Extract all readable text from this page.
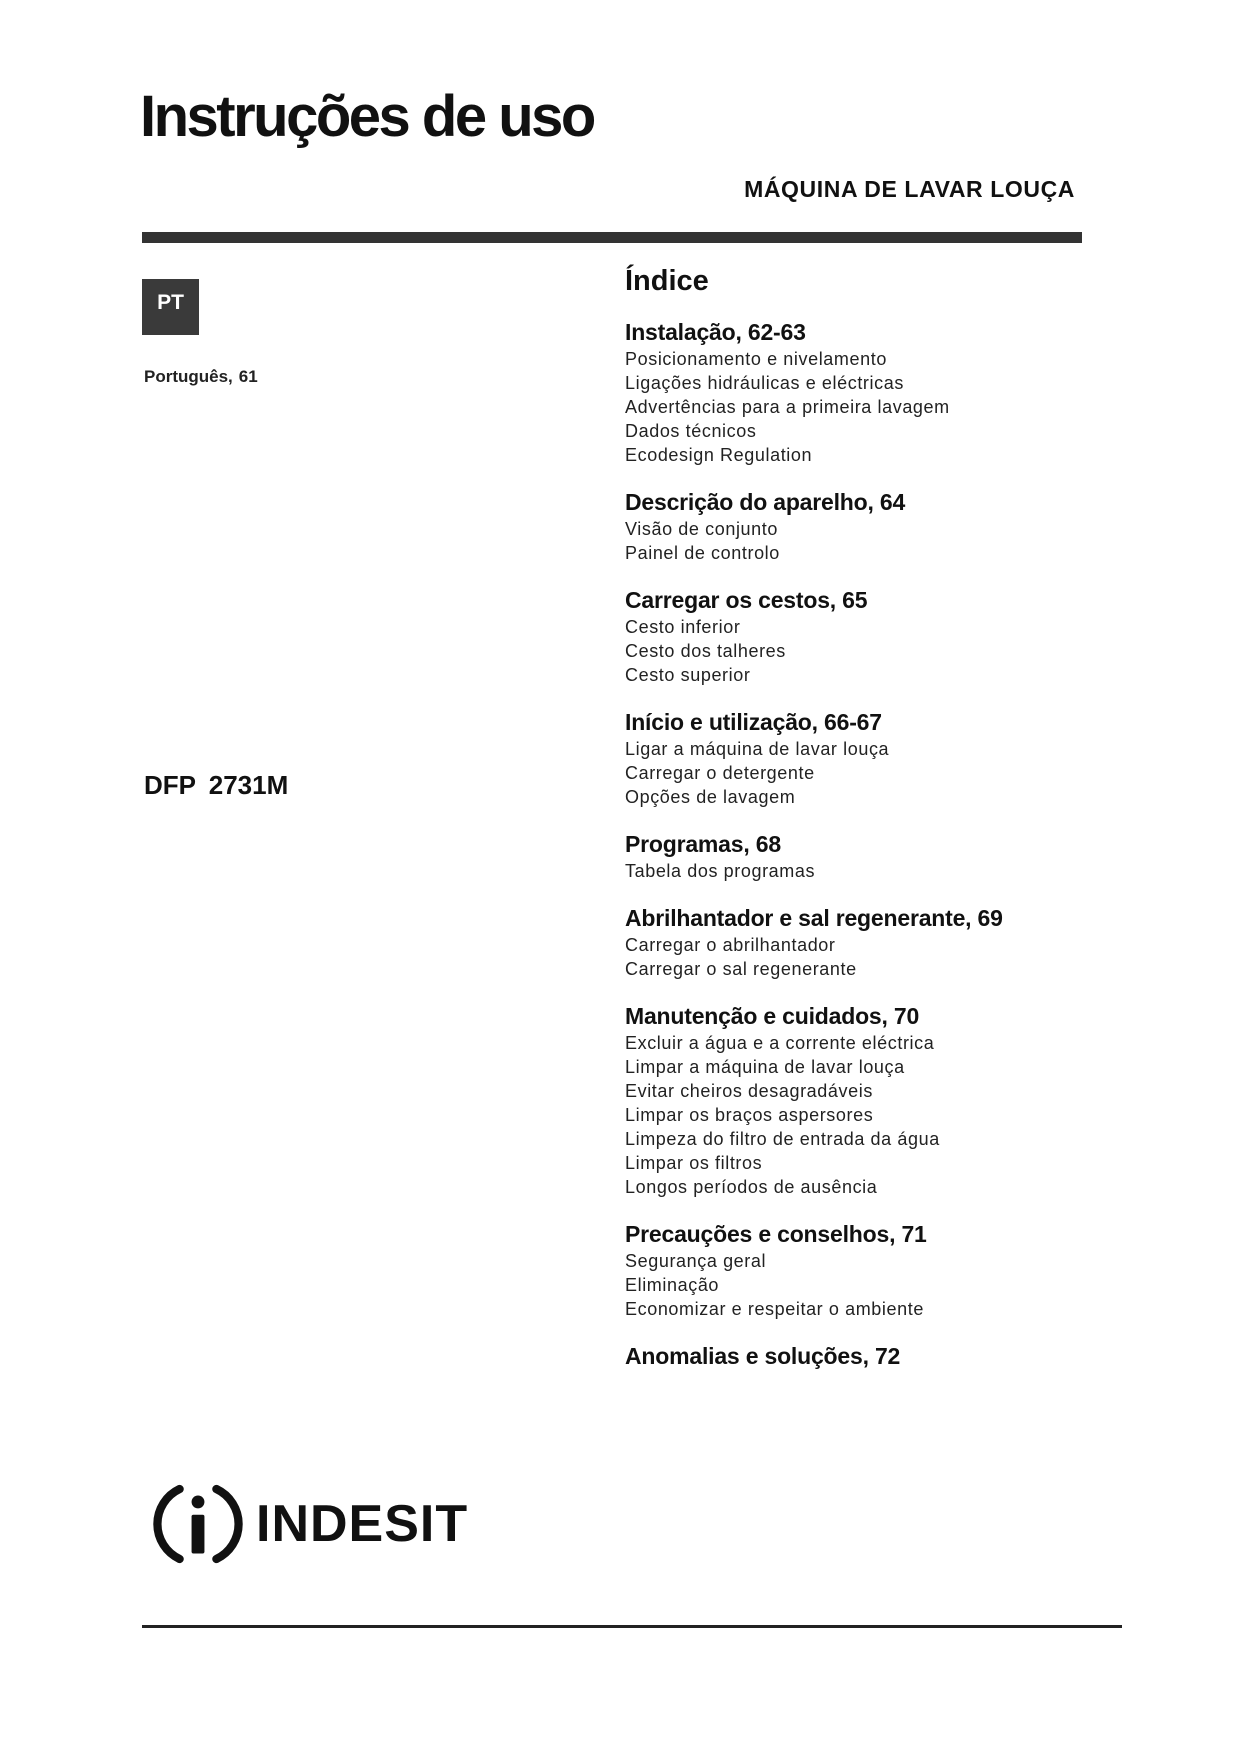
Instruções de uso
MÁQUINA DE LAVAR LOUÇA
PT
Português, 61
DFP 2731M
Índice
Instalação, 62-63
Posicionamento e nivelamento
Ligações hidráulicas e eléctricas
Advertências para a primeira lavagem
Dados técnicos
Ecodesign Regulation
Descrição do aparelho, 64
Visão de conjunto
Painel de controlo
Carregar os cestos, 65
Cesto inferior
Cesto dos talheres
Cesto superior
Início e utilização, 66-67
Ligar a máquina de lavar louça
Carregar o detergente
Opções de lavagem
Programas, 68
Tabela dos programas
Abrilhantador e sal regenerante, 69
Carregar o abrilhantador
Carregar o sal regenerante
Manutenção e cuidados, 70
Excluir a água e a corrente eléctrica
Limpar a máquina de lavar louça
Evitar cheiros desagradáveis
Limpar os braços aspersores
Limpeza do filtro de entrada da água
Limpar os filtros
Longos períodos de ausência
Precauções e conselhos, 71
Segurança geral
Eliminação
Economizar e respeitar o ambiente
Anomalias e soluções, 72
INDESIT
